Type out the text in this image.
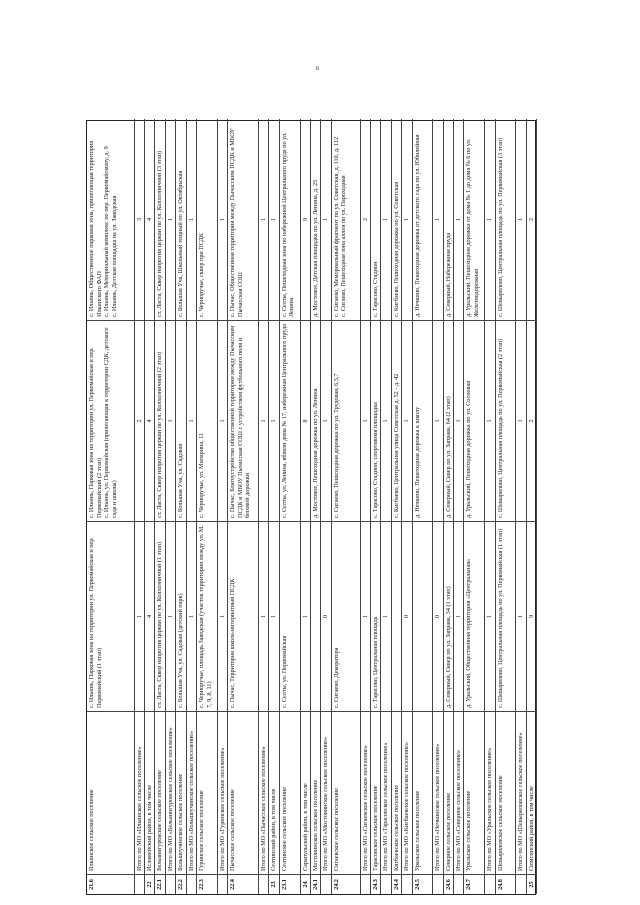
6
21.6
Ильинское сельское поселение
с. Ильинь, Парковая зона на территории ул. Первомайская и пер. Первомайский (1 этап)
с. Ильинь, Парковая зона на территории ул. Первомайская и пер. Первомайский (2 этап)
с. Ильинь, ул. Первомайская (прилегающая к территории СДК, детского сада и школы)
с. Ильинь, Общественное парковая зона, прилегающая территория Ильинского ФАП
с. Ильинь, Мемориальный комплекс по пер. Первомайскому, д. 9
с. Ильинь, Детская площадка на ул. Заводская
Итого по МО «Ильинское сельское поселение»
1
2
3
22
Исламейский район, в том числе
4
4
4
22.1
Бельанигуровское сельское поселение
ст. Ласта, Сквер напротив церкви по ул. Колхозничной (1 этап)
ст. Ласта, Сквер напротив церкви по ул. Колхозничной (2 этап)
ст. Ласта, Сквер напротив церкви по ул. Колхозничной (3 этап)
Итого по МО «Бельанигуровское сельское поселение»
1
1
1
22.2
Большеучинское сельское поселение
с. Большая Уча, ул. Садовая (детский парк)
с. Большая Уча, ул. Садовая
с. Большая Уча, Школьный тещный по ул. Октябрьская
Итого по МО «Большеучинское сельское поселение»
1
1
1
22.3
Гуринское сельское поселение
с. Черноручье, площадь Заводская (участок территории между ул. М. 7, 9, 8, 11)
с. Черноручье, ул. Миларина, 11
с. Черноручье, сквер при ПСДК
Итого по МО «Гуринское сельское поселение»
1
1
1
22.4
Пычасское сельское поселение
с. Пычас, Территория школа-интернатный ПСДК
с. Пычас, Благоустройство общественной территории между Пычасским ПСДК и МБОУ Пычасская СОШ с устройством футбольного поля и беговой дорожки
с. Пычас, Общественная территория между Пычасским ПСДК и МБОУ Пычасская СОШ
Итого по МО «Пычасское сельское поселение»
1
1
1
23
Селтинский район, в том числе
1
1
1
23.1
Селтинское сельское поселение
с. Селты, ул. Первомайская
с. Селты, ул. Ленина, вблизи дома № 17, набережная Центрального пруда
с. Селты, Пешеходная зона по набережной Центрального пруда по ул. Ленина
24
Сарапульский район, в том числе
1
8
9
24.1
Мостовинское сельское поселение
д. Мостовое, Пешеходная дорожка по ул. Ленина
д. Мостовое, Детская площадка по ул. Ленина, д. 25
Итого по МО «Мостовинское сельское поселение»
0
1
1
24.2
Сигаевское сельское поселение
с. Сигаево, Декоратора
с. Сигаево, Пешеходная дорожка по ул. Трудовая, 6,5,7
с. Сигаево, Мемориальный фрагмент по ул. Советская, д. 110, д. 112
с. Сигаево, Пешеходная зона аллея по ул. Пароходная
Итого по МО «Сигаевское сельское поселение»
1
1
2
24.3
Тарасовское сельское поселение
с. Тарасово, Центральная площадь
с. Тарасово, Стадион, спортивная площадка
с. Тарасово, Стадион
Итого по МО «Тарасовское сельское поселение»
1
1
1
24.4
Кигбаевское сельское поселение
с. Кигбаево, Центральная улица Советская д. 52 - д. 42
с. Кигбаево, Пешеходная дорожка по ул. Советская
Итого по МО «Кигбаевское сельское поселение»
0
1
1
24.5
Уральское сельское поселение
д. Нечкино, Пешеходная дорожка к школу
д. Нечкино, Пешеходная дорожка от детского сада по ул. Юбилейная
Итого по МО «Нечкинское сельское поселение»
0
1
1
24.6
Северное сельское поселение
д. Северный, Сквер по ул. Заправа, 34 (1 этап)
д. Северный, Сквер по ул. Заправа, 64 (2 этап)
д. Северный, Набережная пруда
Итого по МО «Северное сельское поселение»
1
1
1
24.7
Уральское сельское поселение
д. Уральский, Общественная территория «Центральная»
д. Уральский, Пешеходная дорожка по ул. Сосновая
д. Уральский, Пешеходная дорожка от дома № 1 до дома № 6 по ул. Железнодорожная
Итого по МО «Уральское сельское поселение»
1
1
1
24.8
Шевыряловское сельское поселение
с. Шевырялово, Центральная площадь по ул. Первомайская (1 этап)
с. Шевырялово, Центральная площадь по ул. Первомайская (2 этап)
с. Шевырялово, Центральная площадь по ул. Первомайская (3 этап)
Итого по МО «Шевыряловское сельское поселение»
1
1
1
25
Сюмсинский район, в том числе
9
2
2
